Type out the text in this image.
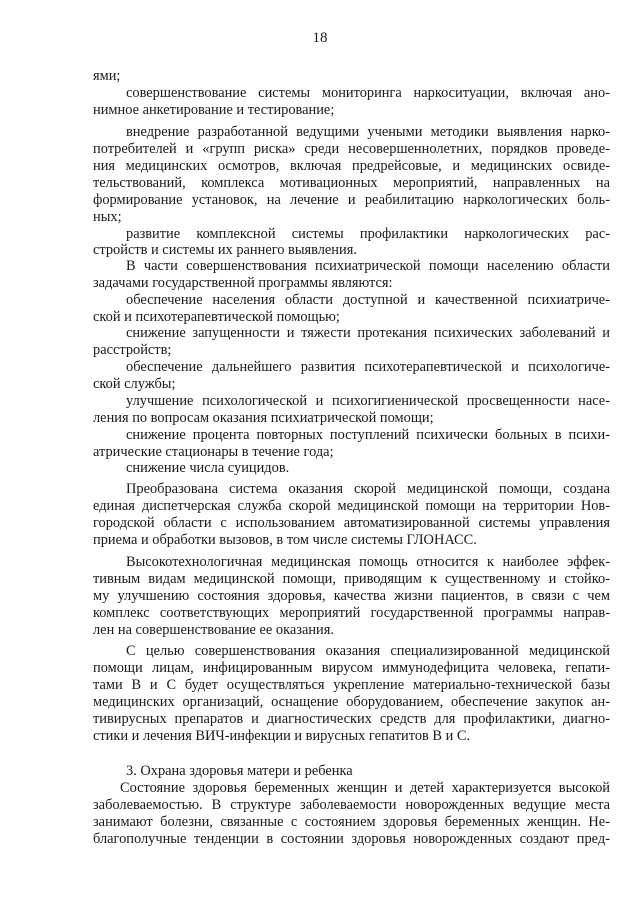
18
ями;
совершенствование системы мониторинга наркоситуации, включая ано-
нимное анкетирование и тестирование;
внедрение разработанной ведущими учеными методики выявления нарко-
потребителей и «групп риска» среди несовершеннолетних, порядков проведе-
ния медицинских осмотров, включая предрейсовые, и медицинских освиде-
тельствований, комплекса мотивационных мероприятий, направленных на
формирование установок, на лечение и реабилитацию наркологических боль-
ных;
развитие комплексной системы профилактики наркологических рас-
стройств и системы их раннего выявления.
В части совершенствования психиатрической помощи населению области
задачами государственной программы являются:
обеспечение населения области доступной и качественной психиатриче-
ской и психотерапевтической помощью;
снижение запущенности и тяжести протекания психических заболеваний и
расстройств;
обеспечение дальнейшего развития психотерапевтической и психологиче-
ской службы;
улучшение психологической и психогигиенической просвещенности насе-
ления по вопросам оказания психиатрической помощи;
снижение процента повторных поступлений психически больных в психи-
атрические стационары в течение года;
снижение числа суицидов.
Преобразована система оказания скорой медицинской помощи, создана
единая диспетчерская служба скорой медицинской помощи на территории Нов-
городской области с использованием автоматизированной системы управления
приема и обработки вызовов, в том числе системы ГЛОНАСС.
Высокотехнологичная медицинская помощь относится к наиболее эффек-
тивным видам медицинской помощи, приводящим к существенному и стойко-
му улучшению состояния здоровья, качества жизни пациентов, в связи с чем
комплекс соответствующих мероприятий государственной программы направ-
лен на совершенствование ее оказания.
С целью совершенствования оказания специализированной медицинской
помощи лицам, инфицированным вирусом иммунодефицита человека, гепати-
тами В и С будет осуществляться укрепление материально-технической базы
медицинских организаций, оснащение оборудованием, обеспечение закупок ан-
тивирусных препаратов и диагностических средств для профилактики, диагно-
стики и лечения ВИЧ-инфекции и вирусных гепатитов В и С.
3. Охрана здоровья матери и ребенка
Состояние здоровья беременных женщин и детей характеризуется высокой
заболеваемостью. В структуре заболеваемости новорожденных ведущие места
занимают болезни, связанные с состоянием здоровья беременных женщин. Не-
благополучные тенденции в состоянии здоровья новорожденных создают пред-
